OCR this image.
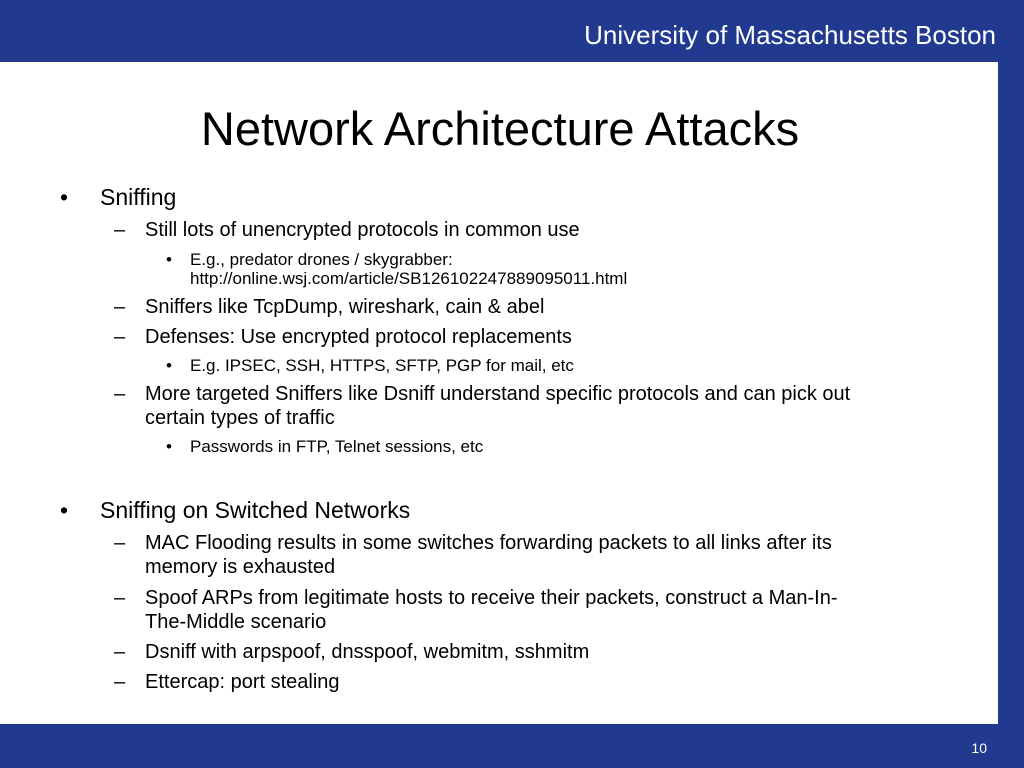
University of Massachusetts Boston
Network Architecture Attacks
• Sniffing
– Still lots of unencrypted protocols in common use
• E.g., predator drones / skygrabber:
http://online.wsj.com/article/SB126102247889095011.html
– Sniffers like TcpDump, wireshark, cain & abel
– Defenses: Use encrypted protocol replacements
• E.g. IPSEC, SSH, HTTPS, SFTP, PGP for mail, etc
– More targeted Sniffers like Dsniff understand specific protocols and can pick out
certain types of traffic
• Passwords in FTP, Telnet sessions, etc
• Sniffing on Switched Networks
– MAC Flooding results in some switches forwarding packets to all links after its
memory is exhausted
– Spoof ARPs from legitimate hosts to receive their packets, construct a Man-In-
The-Middle scenario
– Dsniff with arpspoof, dnsspoof, webmitm, sshmitm
– Ettercap: port stealing
10
